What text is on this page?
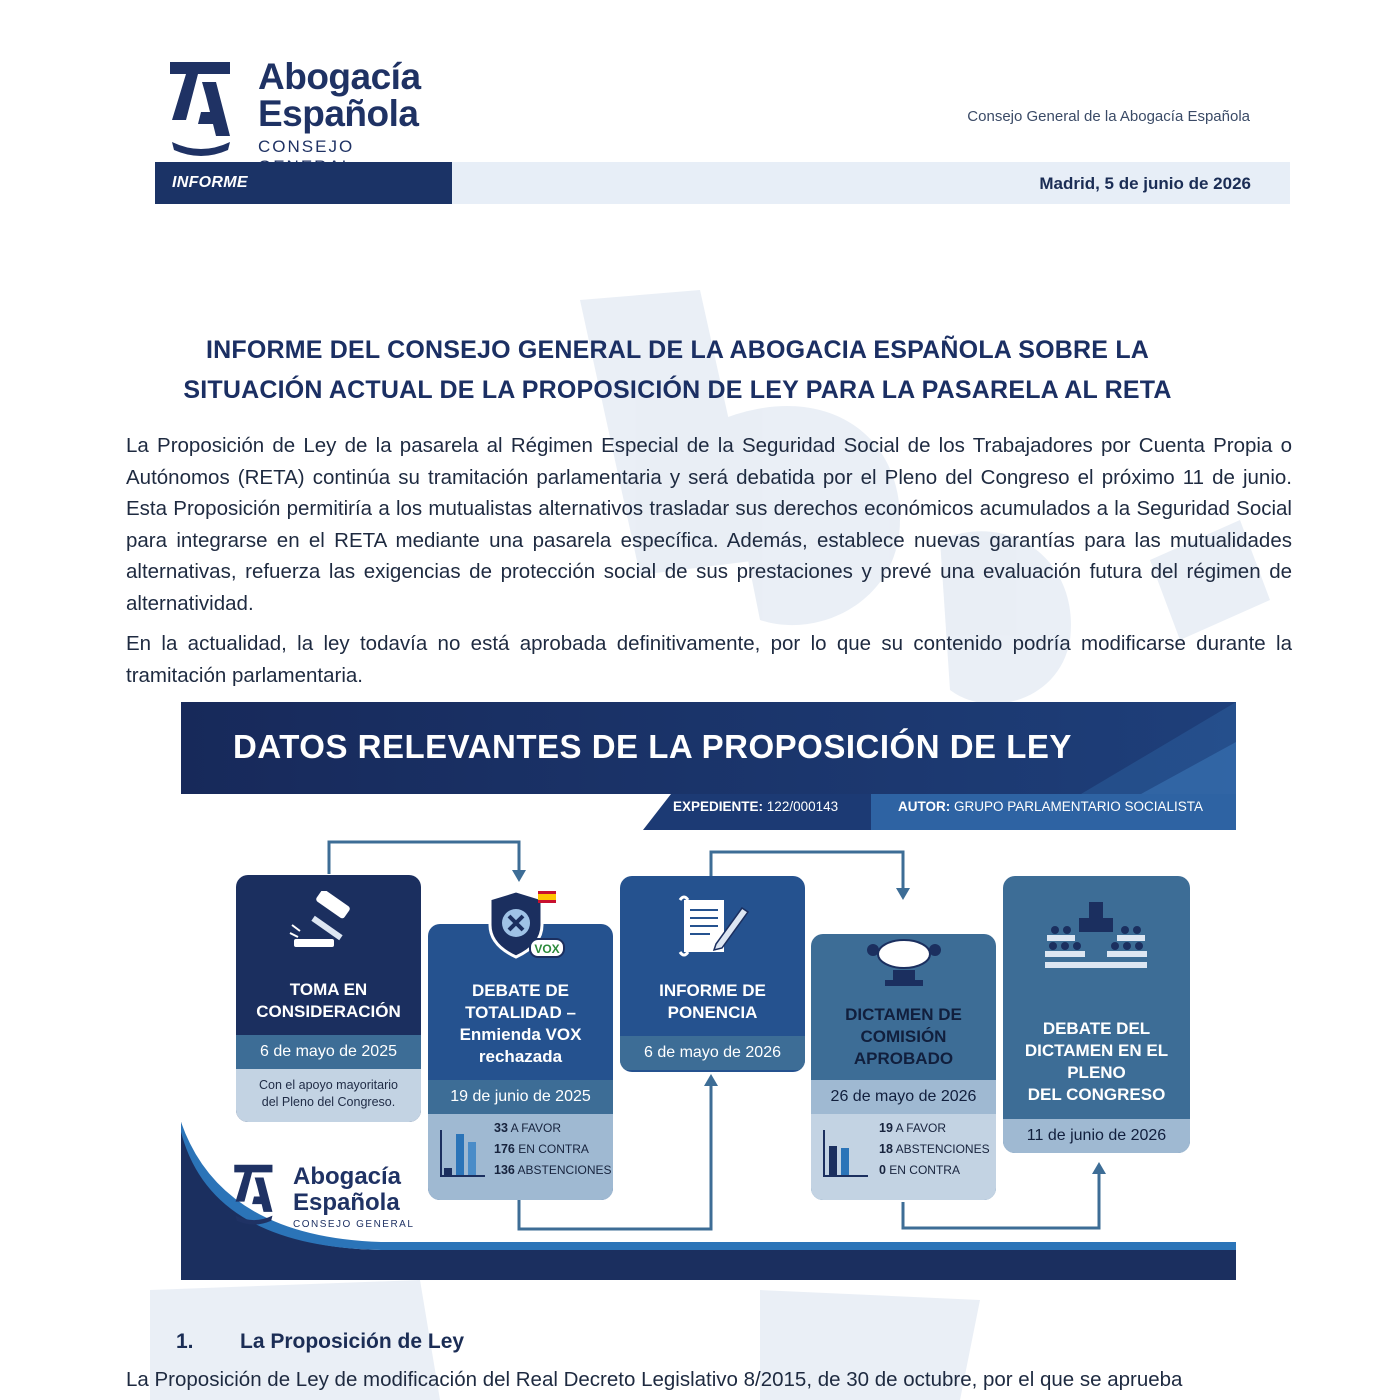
Abogacía
Española
CONSEJO
Consejo General de la Abogacía Española
INFORME	Madrid, 5 de junio de 2026
INFORME DEL CONSEJO GENERAL DE LA ABOGACIA ESPAÑOLA SOBRE LA
SITUACIÓN ACTUAL DE LA PROPOSICIÓN DE LEY PARA LA PASARELA AL RETA
La Proposición de Ley de la pasarela al Régimen Especial de la Seguridad Social de los Trabajadores por Cuenta Propia o Autónomos (RETA) continúa su tramitación parlamentaria y será debatida por el Pleno del Congreso el próximo 11 de junio. Esta Proposición permitiría a los mutualistas alternativos trasladar sus derechos económicos acumulados a la Seguridad Social para integrarse en el RETA mediante una pasarela específica. Además, establece nuevas garantías para las mutualidades alternativas, refuerza las exigencias de protección social de sus prestaciones y prevé una evaluación futura del régimen de alternatividad.
En la actualidad, la ley todavía no está aprobada definitivamente, por lo que su contenido podría modificarse durante la tramitación parlamentaria.
DATOS RELEVANTES DE LA PROPOSICIÓN DE LEY
EXPEDIENTE: 122/000143	AUTOR: GRUPO PARLAMENTARIO SOCIALISTA
TOMA EN
CONSIDERACIÓN
6 de mayo de 2025
Con el apoyo mayoritario
del Pleno del Congreso.
DEBATE DE
TOTALIDAD –
Enmienda VOX
rechazada
19 de junio de 2025
33 A FAVOR
176 EN CONTRA
136 ABSTENCIONES
VOX
INFORME DE
PONENCIA
6 de mayo de 2026
DICTAMEN DE
COMISIÓN
APROBADO
26 de mayo de 2026
19 A FAVOR
18 ABSTENCIONES
0 EN CONTRA
DEBATE DEL
DICTAMEN EN EL
PLENO
DEL CONGRESO
11 de junio de 2026
Abogacía
Española
CONSEJO GENERAL
1. La Proposición de Ley
La Proposición de Ley de modificación del Real Decreto Legislativo 8/2015, de 30 de octubre, por el que se aprueba
